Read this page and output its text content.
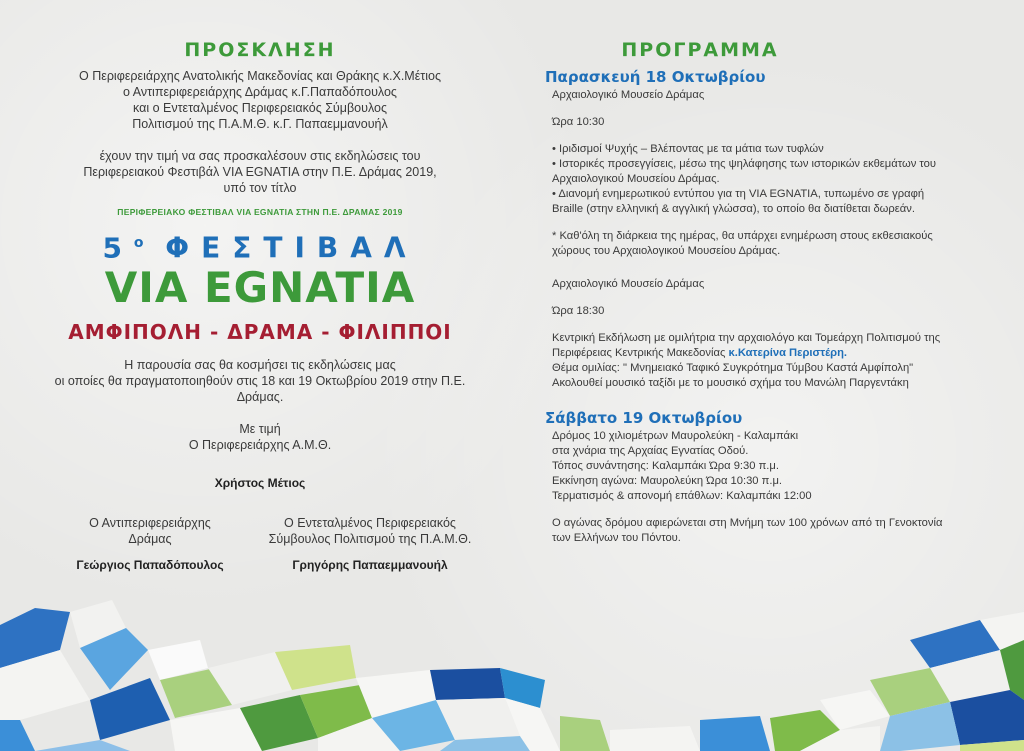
ΠΡΟΣΚΛΗΣΗ

Ο Περιφερειάρχης Ανατολικής Μακεδονίας και Θράκης κ.Χ.Μέτιος

ο Αντιπεριφερειάρχης Δράμας κ.Γ.Παπαδόπουλος

και ο Εντεταλμένος Περιφερειακός Σύμβουλος

Πολιτισμού της Π.Α.Μ.Θ. κ.Γ. Παπαεμμανουήλ

έχουν την τιμή να σας προσκαλέσουν στις εκδηλώσεις του

Περιφερειακού Φεστιβάλ VIA EGNATIA στην Π.Ε. Δράμας 2019,

υπό τον τίτλο

ΠΕΡΙΦΕΡΕΙΑΚΟ ΦΕΣΤΙΒΑΛ VIA EGNATIA ΣΤΗΝ Π.Ε. ΔΡΑΜΑΣ 2019

$5^o$ ΦΕΣΤΙΒΑΛ
VIA EGNATIA
ΑΜΦΙΠΟΛΗ - ΔΡΑΜΑ - ΦΙΛΙΠΠΟΙ

Η παρουσία σας θα κοσμήσει τις εκδηλώσεις μας

οι οποίες θα πραγματοποιηθούν στις 18 και 19 Οκτωβρίου 2019 στην Π.Ε.

Δράμας.

Με τιμή

Ο Περιφερειάρχης Α.Μ.Θ.

Χρήστος Μέτιος

Ο Αντιπεριφερειάρχης

Δράμας

Γεώργιος Παπαδόπουλος

Ο Εντεταλμένος Περιφερειακός

Σύμβουλος Πολιτισμού της Π.Α.Μ.Θ.

Γρηγόρης Παπαεμμανουήλ

ΠΡΟΓΡΑΜΜΑ
Παρασκευή 18 Οκτωβρίου

Αρχαιολογικό Μουσείο Δράμας

Ώρα 10:30

• Ιριδισμοί Ψυχής – Βλέποντας με τα μάτια των τυφλών

• Ιστορικές προσεγγίσεις, μέσω της ψηλάφησης των ιστορικών εκθεμάτων του

Αρχαιολογικού Μουσείου Δράμας.

• Διανομή ενημερωτικού εντύπου για τη VIA EGNATIA, τυπωμένο σε γραφή

Braille (στην ελληνική & αγγλική γλώσσα), το οποίο θα διατίθεται δωρεάν.

* Καθ'όλη τη διάρκεια της ημέρας, θα υπάρχει ενημέρωση στους εκθεσιακούς

χώρους του Αρχαιολογικού Μουσείου Δράμας.

Αρχαιολογικό Μουσείο Δράμας

Ώρα 18:30

Κεντρική Εκδήλωση με ομιλήτρια την αρχαιολόγο και Τομεάρχη Πολιτισμού της

Περιφέρειας Κεντρικής Μακεδονίας κ.Κατερίνα Περιστέρη.

Θέμα ομιλίας: " Μνημειακό Ταφικό Συγκρότημα Τύμβου Καστά Αμφίπολη"

Ακολουθεί μουσικό ταξίδι με το μουσικό σχήμα του Μανώλη Παργεντάκη

Σάββατο 19 Οκτωβρίου

Δρόμος 10 χιλιομέτρων Μαυρολεύκη - Καλαμπάκι

στα χνάρια της Αρχαίας Εγνατίας Οδού.

Τόπος συνάντησης: Καλαμπάκι Ώρα 9:30 π.μ.

Εκκίνηση αγώνα: Μαυρολεύκη Ώρα 10:30 π.μ.

Τερματισμός & απονομή επάθλων: Καλαμπάκι 12:00

Ο αγώνας δρόμου αφιερώνεται στη Μνήμη των 100 χρόνων από τη Γενοκτονία

των Ελλήνων του Πόντου.
